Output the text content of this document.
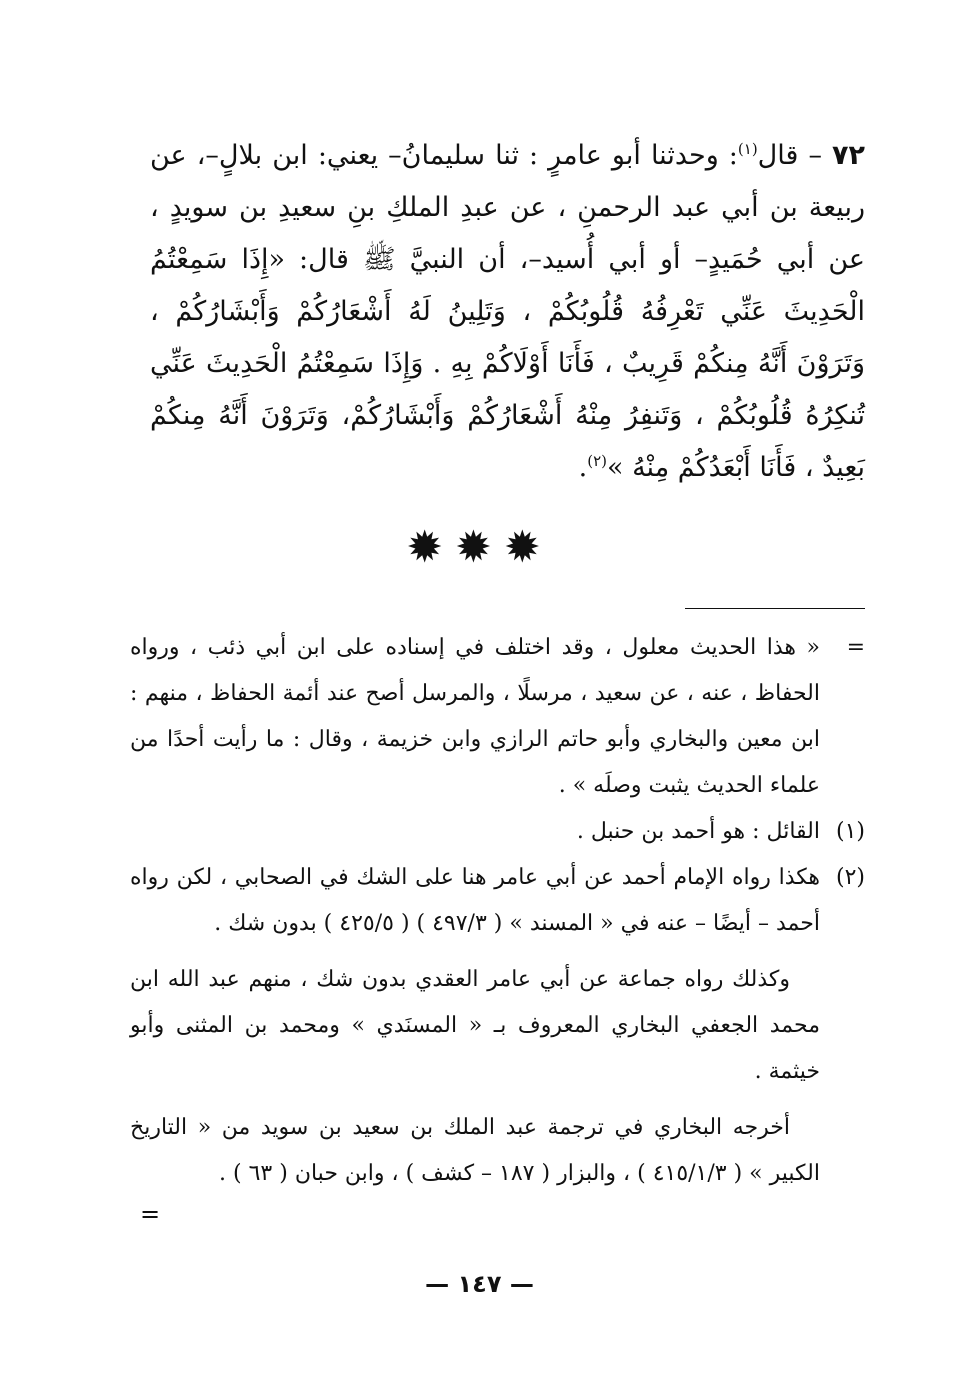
٧٢ – قال$^{(١)}$: وحدثنا أبو عامرٍ : ثنا سليمانُ– يعني: ابن بلالٍ–، عن ربيعة بن أبي عبد الرحمنِ ، عن عبدِ الملكِ بنِ سعيدِ بن سويدٍ ، عن أبي حُمَيدٍ– أو أبي أُسيد–، أن النبيَّ ﷺ قال: «إِذَا سَمِعْتُمُ الْحَدِيثَ عَنِّي تَعْرِفُهُ قُلُوبُكُمْ ، وَتَلِينُ لَهُ أَشْعَارُكُمْ وَأَبْشَارُكُمْ ، وَتَرَوْنَ أَنَّهُ مِنكُمْ قَرِيبٌ ، فَأَنَا أَوْلَاكُمْ بِهِ . وَإِذَا سَمِعْتُمُ الْحَدِيثَ عَنِّي تُنكِرُهُ قُلُوبُكُمْ ، وَتَنفِرُ مِنْهُ أَشْعَارُكُمْ وَأَبْشَارُكُمْ، وَتَرَوْنَ أَنَّهُ مِنكُمْ بَعِيدٌ ، فَأَنَا أَبْعَدُكُمْ مِنْهُ »$^{(٢)}$.

✹✹✹
=
« هذا الحديث معلول ، وقد اختلف في إسناده على ابن أبي ذئب ، ورواه الحفاظ ، عنه ، عن سعيد ، مرسلًا ، والمرسل أصح عند أئمة الحفاظ ، منهم : ابن معين والبخاري وأبو حاتم الرازي وابن خزيمة ، وقال : ما رأيت أحدًا من علماء الحديث يثبت وصلَه » .
(١)
القائل : هو أحمد بن حنبل .
(٢)
هكذا رواه الإمام أحمد عن أبي عامر هنا على الشك في الصحابي ، لكن رواه أحمد – أيضًا – عنه في « المسند » ( ٤٩٧/٣ ) ( ٤٢٥/٥ ) بدون شك .

وكذلك رواه جماعة عن أبي عامر العقدي بدون شك ، منهم عبد الله ابن محمد الجعفي البخاري المعروف بـ « المسنَدي » ومحمد بن المثنى وأبو خيثمة .

أخرجه البخاري في ترجمة عبد الملك بن سعيد بن سويد من « التاريخ الكبير » ( ٤١٥/١/٣ ) ، والبزار ( ١٨٧ – كشف ) ، وابن حبان ( ٦٣ ) .

=
— ١٤٧ —
